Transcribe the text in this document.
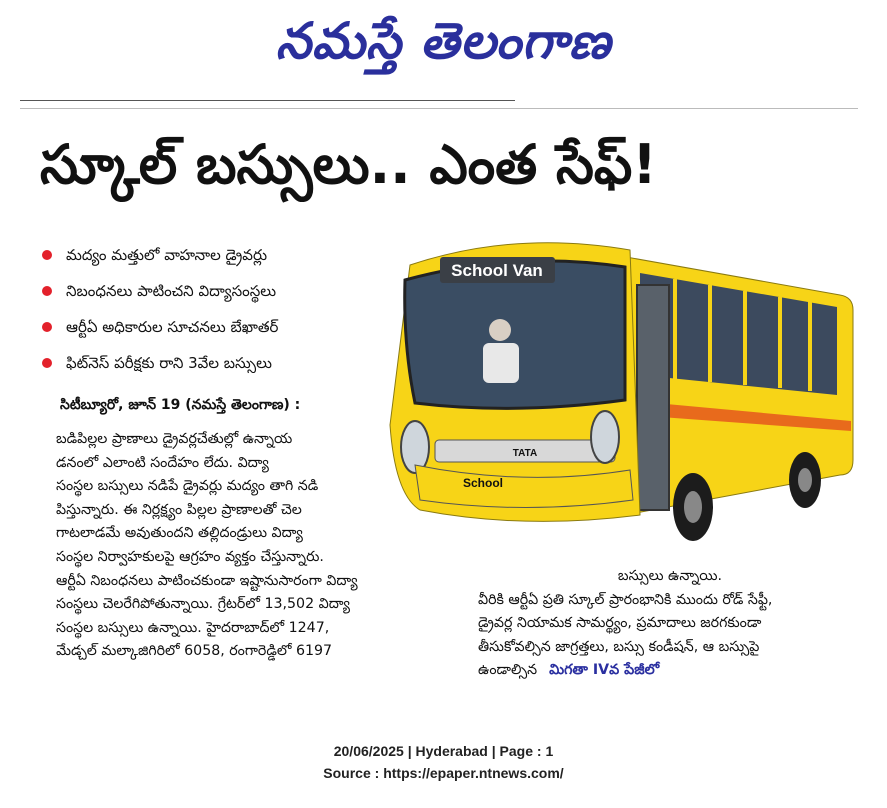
నమస్తే తెలంగాణ
స్కూల్ బస్సులు.. ఎంత సేఫ్!
మద్యం మత్తులో వాహనాల డ్రైవర్లు
నిబంధనలు పాటించని విద్యాసంస్థలు
ఆర్టీఏ అధికారుల సూచనలు బేఖాతర్
ఫిట్‌నెస్ పరీక్షకు రాని 3వేల బస్సులు
School Van
TATA
School
సిటీబ్యూరో, జూన్ 19 (నమస్తే తెలంగాణ) :
బడిపిల్లల ప్రాణాలు డ్రైవర్లచేతుల్లో ఉన్నాయ
డనంలో ఎలాంటి సందేహం లేదు. విద్యా
సంస్థల బస్సులు నడిపే డ్రైవర్లు మద్యం తాగి నడి
పిస్తున్నారు. ఈ నిర్లక్ష్యం పిల్లల ప్రాణాలతో చెల
గాటలాడమే అవుతుందని తల్లిదండ్రులు విద్యా
సంస్థల నిర్వాహకులపై ఆగ్రహం వ్యక్తం చేస్తున్నారు.
ఆర్టీఏ నిబంధనలు పాటించకుండా ఇష్టానుసారంగా విద్యా
సంస్థలు చెలరేగిపోతున్నాయి. గ్రేటర్‌లో 13,502 విద్యా
సంస్థల బస్సులు ఉన్నాయి. హైదరాబాద్‌లో 1247,
మేడ్చల్ మల్కాజిగిరిలో 6058, రంగారెడ్డిలో 6197
బస్సులు ఉన్నాయి.
వీరికి ఆర్టీఏ ప్రతి స్కూల్ ప్రారంభానికి ముందు రోడ్ సేఫ్టీ,
డ్రైవర్ల నియామక సామర్థ్యం, ప్రమాదాలు జరగకుండా
తీసుకోవల్సిన జాగ్రత్తలు, బస్సు కండీషన్, ఆ బస్సుపై
ఉండాల్సిన మిగతా IVవ పేజీలో
20/06/2025 | Hyderabad | Page : 1
Source : https://epaper.ntnews.com/
